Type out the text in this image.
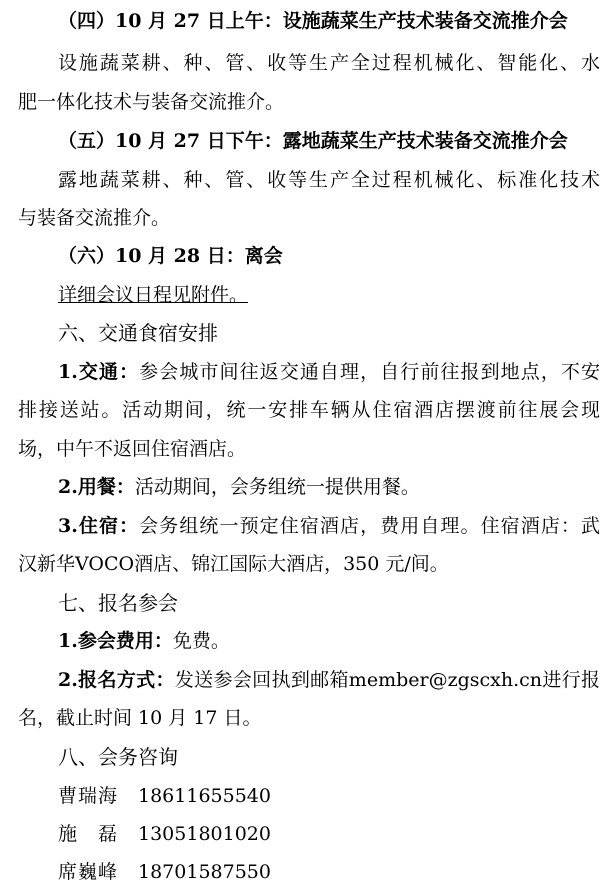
（四）10 月 27 日上午：设施蔬菜生产技术装备交流推介会
设施蔬菜耕、种、管、收等生产全过程机械化、智能化、水
肥一体化技术与装备交流推介。
（五）10 月 27 日下午：露地蔬菜生产技术装备交流推介会
露地蔬菜耕、种、管、收等生产全过程机械化、标准化技术
与装备交流推介。
（六）10 月 28 日：离会
详细会议日程见附件。
六、交通食宿安排
1.交通：参会城市间往返交通自理，自行前往报到地点，不安
排接送站。活动期间，统一安排车辆从住宿酒店摆渡前往展会现
场，中午不返回住宿酒店。
2.用餐：活动期间，会务组统一提供用餐。
3.住宿：会务组统一预定住宿酒店，费用自理。住宿酒店：武
汉新华VOCO酒店、锦江国际大酒店，350 元/间。
七、报名参会
1.参会费用：免费。
2.报名方式：发送参会回执到邮箱member@zgscxh.cn进行报
名，截止时间 10 月 17 日。
八、会务咨询
曹瑞海 18611655540
施　磊 13051801020
席巍峰 18701587550
